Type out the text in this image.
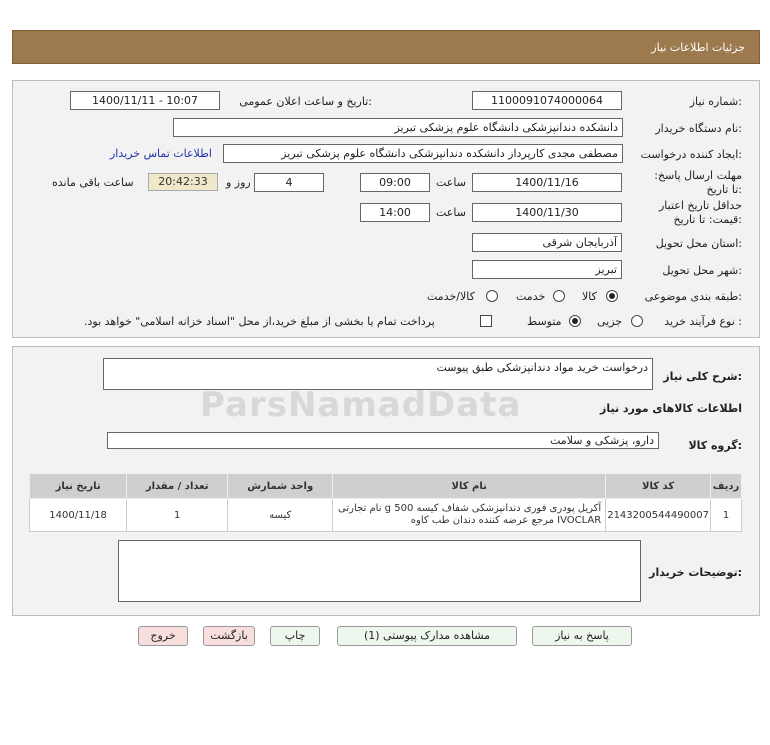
جزئیات اطلاعات نیاز
شماره نیاز:
1100091074000064
تاریخ و ساعت اعلان عمومی:
1400/11/11 - 10:07
نام دستگاه خریدار:
دانشکده دندانپزشکی دانشگاه علوم پزشکی تبریز
ایجاد کننده درخواست:
مصطفی مجدی کارپرداز دانشکده دندانپزشکی دانشگاه علوم پزشکی تبریز
اطلاعات تماس خریدار
مهلت ارسال پاسخ: تا تاریخ:
1400/11/16
ساعت
09:00
4
روز و
20:42:33
ساعت باقی مانده
حداقل تاریخ اعتبار قیمت: تا تاریخ:
1400/11/30
ساعت
14:00
استان محل تحویل:
آذربایجان شرقی
شهر محل تحویل:
تبریز
طبقه بندی موضوعی:
کالا
خدمت
کالا/خدمت
نوع فرآیند خرید :
جزیی
متوسط
پرداخت تمام یا بخشی از مبلغ خرید،از محل "اسناد خزانه اسلامی" خواهد بود.
شرح کلی نیاز:
درخواست خرید مواد دندانپزشکی طبق پیوست
ParsNamadData	اطلاعات کالاهای مورد نیاز
گروه کالا:
دارو، پزشکی و سلامت
ردیف	کد کالا	نام کالا	واحد شمارش	تعداد / مقدار	تاریخ نیاز
1	2143200544490007	آکریل پودری فوری دندانپزشکی شفاف کیسه 500 g نام تجارتی IVOCLAR مرجع عرضه کننده دندان طب کاوه	کیسه	1	1400/11/18
توضیحات خریدار:
پاسخ به نیاز
مشاهده مدارک پیوستی (1)
چاپ
بازگشت
خروج
